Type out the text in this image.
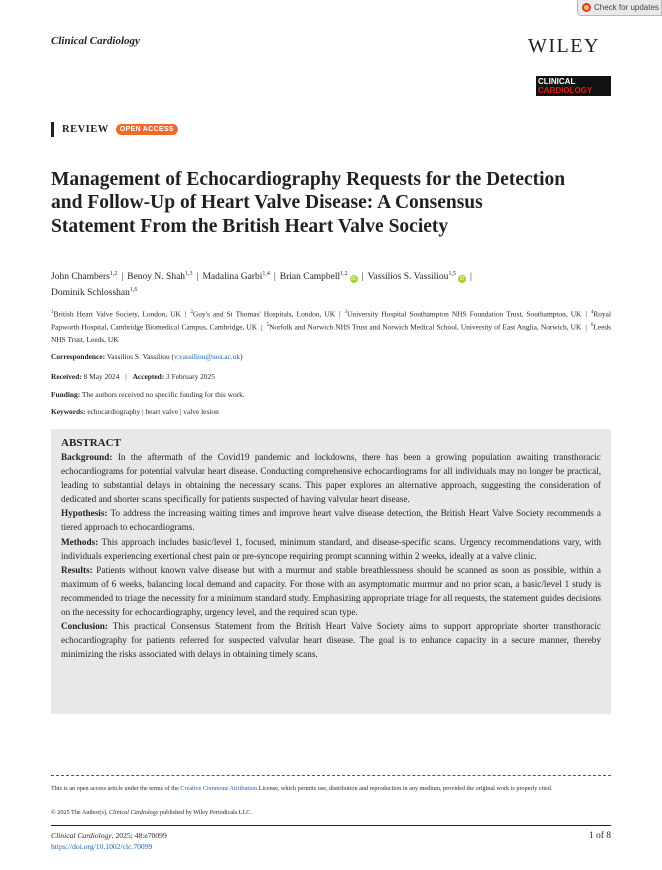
Check for updates
Clinical Cardiology	WILEY
CLINICAL
CARDIOLOGY
REVIEW	OPEN ACCESS
Management of Echocardiography Requests for the Detection and Follow-Up of Heart Valve Disease: A Consensus Statement From the British Heart Valve Society
John Chambers$^{1,2}$ | Benoy N. Shah$^{1,3}$ | Madalina Garbi$^{1,4}$ | Brian Campbell$^{1,2}$iD | Vassilios S. Vassiliou$^{1,5}$iD |
Dominik Schlosshan$^{1,6}$
$^1$British Heart Valve Society, London, UK | $^2$Guy's and St Thomas' Hospitals, London, UK | $^3$University Hospital Southampton NHS Foundation Trust, Southampton, UK | $^4$Royal Papworth Hospital, Cambridge Biomedical Campus, Cambridge, UK | $^5$Norfolk and Norwich NHS Trust and Norwich Medical School, University of East Anglia, Norwich, UK | $^6$Leeds NHS Trust, Leeds, UK
Correspondence: Vassilios S. Vassiliou (v.vassiliou@uea.ac.uk)
Received: 8 May 2024 | Accepted: 3 February 2025
Funding: The authors received no specific funding for this work.
Keywords: echocardiography | heart valve | valve lesion
ABSTRACT

Background: In the aftermath of the Covid19 pandemic and lockdowns, there has been a growing population awaiting transthoracic echocardiograms for potential valvular heart disease. Conducting comprehensive echocardiograms for all individuals may no longer be practical, leading to substantial delays in obtaining the necessary scans. This paper explores an alternative approach, suggesting the consideration of dedicated and shorter scans specifically for patients suspected of having valvular heart disease.

Hypothesis: To address the increasing waiting times and improve heart valve disease detection, the British Heart Valve Society recommends a tiered approach to echocardiograms.

Methods: This approach includes basic/level 1, focused, minimum standard, and disease-specific scans. Urgency recommendations vary, with individuals experiencing exertional chest pain or pre-syncope requiring prompt scanning within 2 weeks, ideally at a valve clinic.

Results: Patients without known valve disease but with a murmur and stable breathlessness should be scanned as soon as possible, within a maximum of 6 weeks, balancing local demand and capacity. For those with an asymptomatic murmur and no prior scan, a basic/level 1 study is recommended to triage the necessity for a minimum standard study. Emphasizing appropriate triage for all requests, the statement guides decisions on the necessity for echocardiography, urgency level, and the required scan type.

Conclusion: This practical Consensus Statement from the British Heart Valve Society aims to support appropriate shorter transthoracic echocardiography for patients referred for suspected valvular heart disease. The goal is to enhance capacity in a secure manner, thereby minimizing the risks associated with delays in obtaining timely scans.

This is an open access article under the terms of the Creative Commons Attribution License, which permits use, distribution and reproduction in any medium, provided the original work is properly cited.
© 2025 The Author(s). Clinical Cardiology published by Wiley Periodicals LLC.
Clinical Cardiology, 2025; 48:e70099
https://doi.org/10.1002/clc.70099
1 of 8
